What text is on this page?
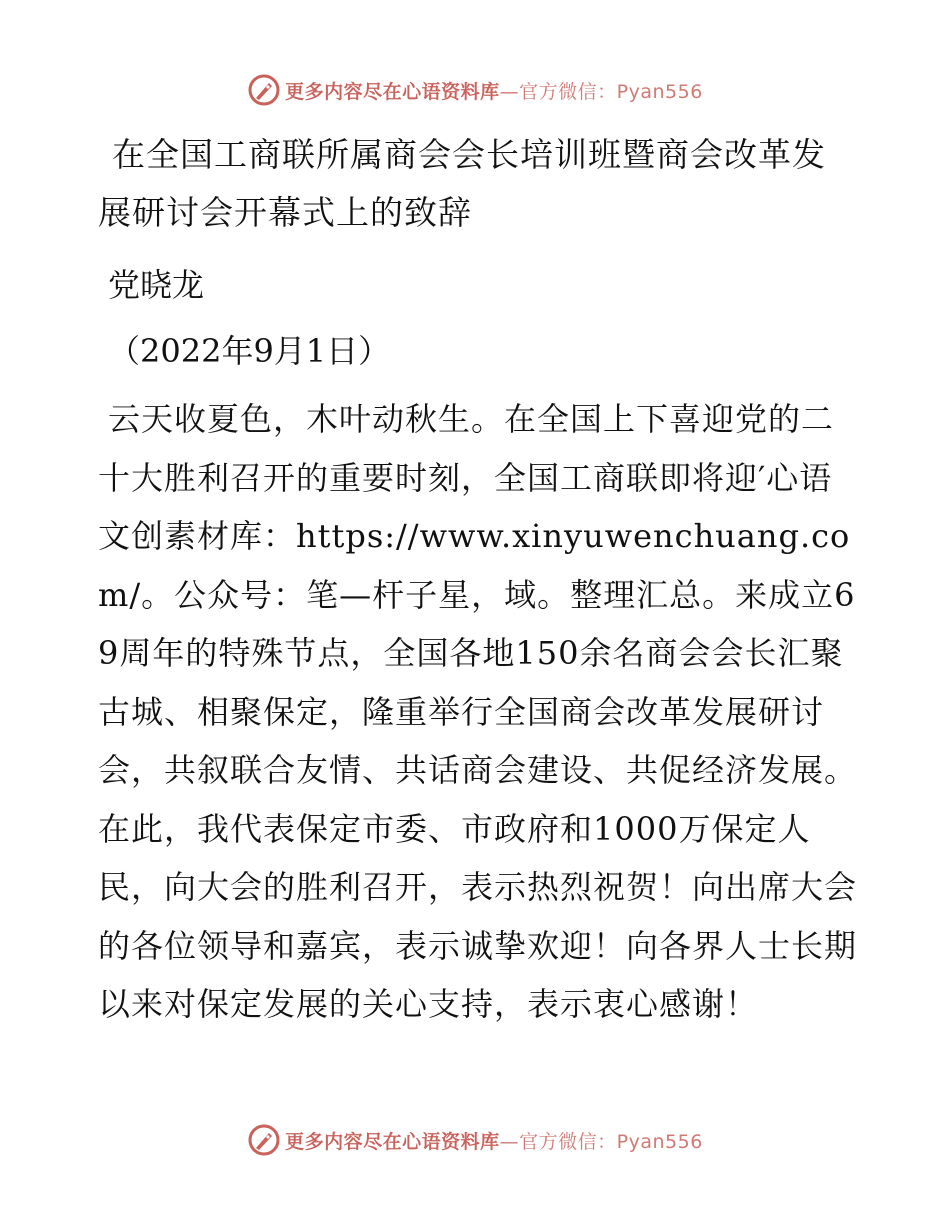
更多内容尽在心语资料库—官方微信：Pyan556
在全国工商联所属商会会长培训班暨商会改革发展研讨会开幕式上的致辞

党晓龙

（2022年9月1日）

云天收夏色，木叶动秋生。在全国上下喜迎党的二十大胜利召开的重要时刻，全国工商联即将迎′心语文创素材库：https://www.xinyuwenchuang.com/。公众号：笔—杆子星，域。整理汇总。来成立69周年的特殊节点，全国各地150余名商会会长汇聚古城、相聚保定，隆重举行全国商会改革发展研讨会，共叙联合友情、共话商会建设、共促经济发展。在此，我代表保定市委、市政府和1000万保定人民，向大会的胜利召开，表示热烈祝贺！向出席大会的各位领导和嘉宾，表示诚挚欢迎！向各界人士长期以来对保定发展的关心支持，表示衷心感谢！

更多内容尽在心语资料库—官方微信：Pyan556
